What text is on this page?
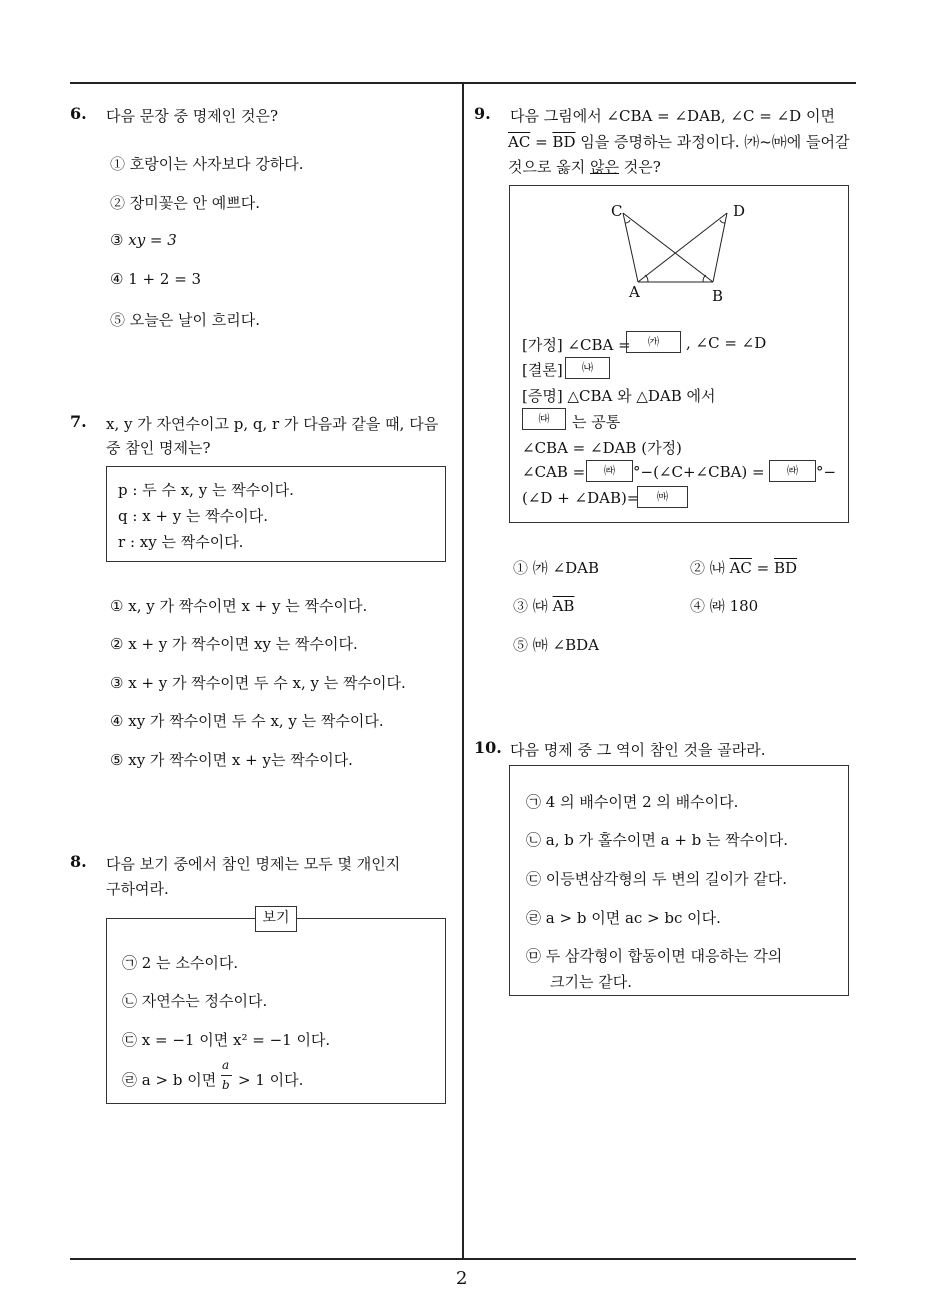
2
6. 다음 문장 중 명제인 것은?
① 호랑이는 사자보다 강하다.
② 장미꽃은 안 예쁘다.
③ xy = 3
④ 1 + 2 = 3
⑤ 오늘은 날이 흐리다.
7. x, y 가 자연수이고 p, q, r 가 다음과 같을 때, 다음
중 참인 명제는?
p : 두 수 x, y 는 짝수이다.
q : x + y 는 짝수이다.
r : xy 는 짝수이다.
① x, y 가 짝수이면 x + y 는 짝수이다.
② x + y 가 짝수이면 xy 는 짝수이다.
③ x + y 가 짝수이면 두 수 x, y 는 짝수이다.
④ xy 가 짝수이면 두 수 x, y 는 짝수이다.
⑤ xy 가 짝수이면 x + y는 짝수이다.
8. 다음 보기 중에서 참인 명제는 모두 몇 개인지
구하여라.
보기
㉠ 2 는 소수이다.
㉡ 자연수는 정수이다.
㉢ x = −1 이면 x² = −1 이다.
㉣ a > b 이면
a
b > 1 이다.
9. 다음 그림에서 ∠CBA = ∠DAB, ∠C = ∠D 이면
$\overline{AC} = \overline{BD}$ 임을 증명하는 과정이다. ㈎~㈒에 들어갈
것으로 옳지 않은 것은?
C	D
A	B
[가정] ∠CBA =	㈎	, ∠C = ∠D
[결론]	㈏
[증명] △CBA 와 △DAB 에서
㈐	는 공통
∠CBA = ∠DAB (가정)
∠CAB =	㈑	°−(∠C+∠CBA) =	㈑	°−
(∠D + ∠DAB)=	㈒
① ㈎ ∠DAB	② ㈏ $\overline{AC} = \overline{BD}$
③ ㈐ $\overline{AB}$	④ ㈑ 180
⑤ ㈒ ∠BDA
10. 다음 명제 중 그 역이 참인 것을 골라라.
㉠ 4 의 배수이면 2 의 배수이다.
㉡ a, b 가 홀수이면 a + b 는 짝수이다.
㉢ 이등변삼각형의 두 변의 길이가 같다.
㉣ a > b 이면 ac > bc 이다.
㉤ 두 삼각형이 합동이면 대응하는 각의
크기는 같다.
